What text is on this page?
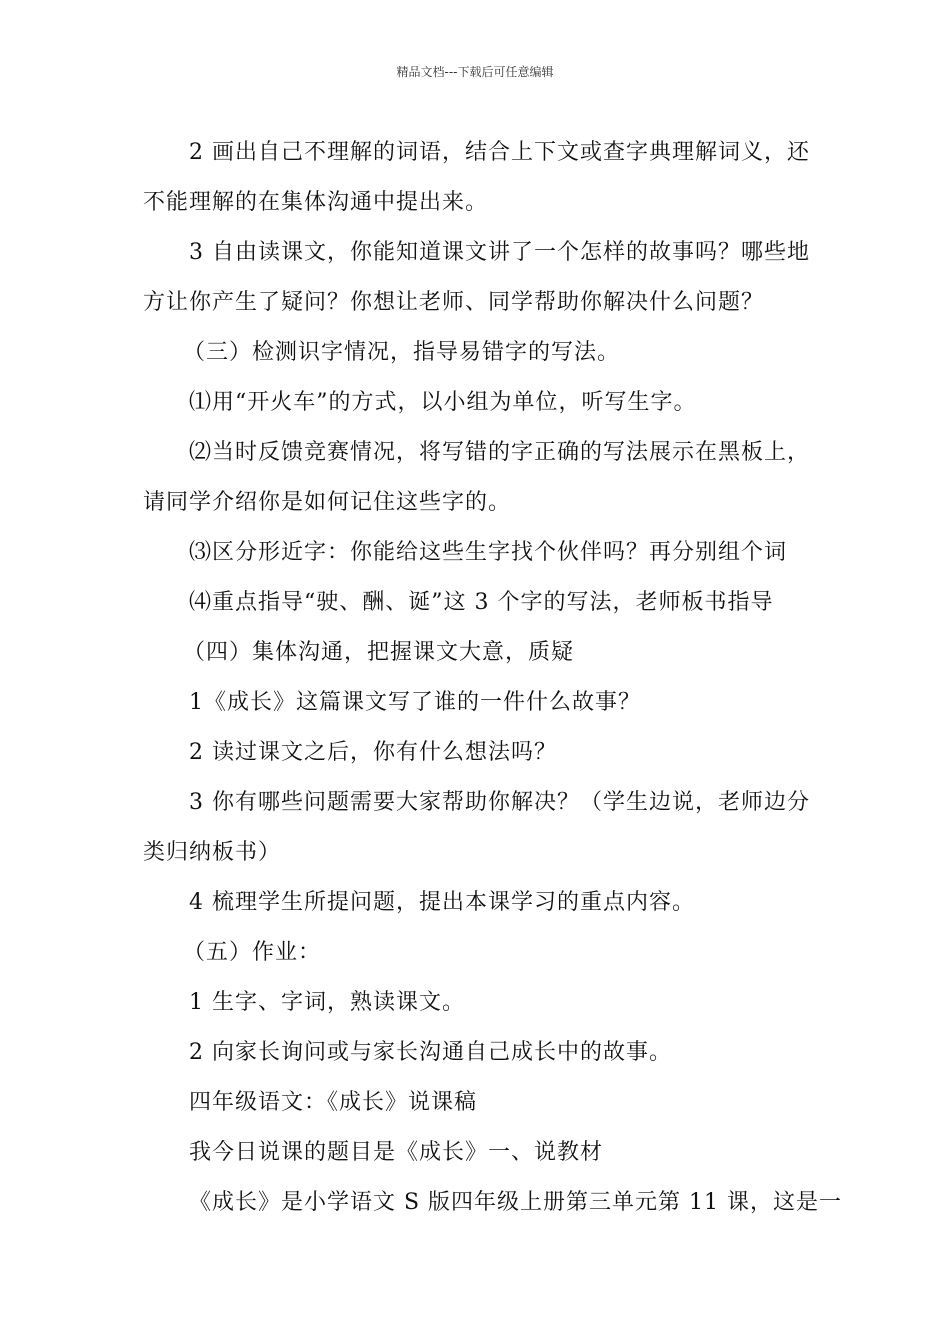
精品文档---下载后可任意编辑
2 画出自己不理解的词语，结合上下文或查字典理解词义，还
不能理解的在集体沟通中提出来。
3 自由读课文，你能知道课文讲了一个怎样的故事吗？哪些地
方让你产生了疑问？你想让老师、同学帮助你解决什么问题？
（三）检测识字情况，指导易错字的写法。
⑴用“开火车”的方式，以小组为单位，听写生字。
⑵当时反馈竞赛情况，将写错的字正确的写法展示在黑板上，
请同学介绍你是如何记住这些字的。
⑶区分形近字：你能给这些生字找个伙伴吗？再分别组个词
⑷重点指导“驶、酬、诞”这 3 个字的写法，老师板书指导
（四）集体沟通，把握课文大意，质疑
1《成长》这篇课文写了谁的一件什么故事？
2 读过课文之后，你有什么想法吗？
3 你有哪些问题需要大家帮助你解决？（学生边说，老师边分
类归纳板书）
4 梳理学生所提问题，提出本课学习的重点内容。
（五）作业：
1 生字、字词，熟读课文。
2 向家长询问或与家长沟通自己成长中的故事。
四年级语文：《成长》说课稿
我今日说课的题目是《成长》一、说教材
《成长》是小学语文 S 版四年级上册第三单元第 11 课，这是一
